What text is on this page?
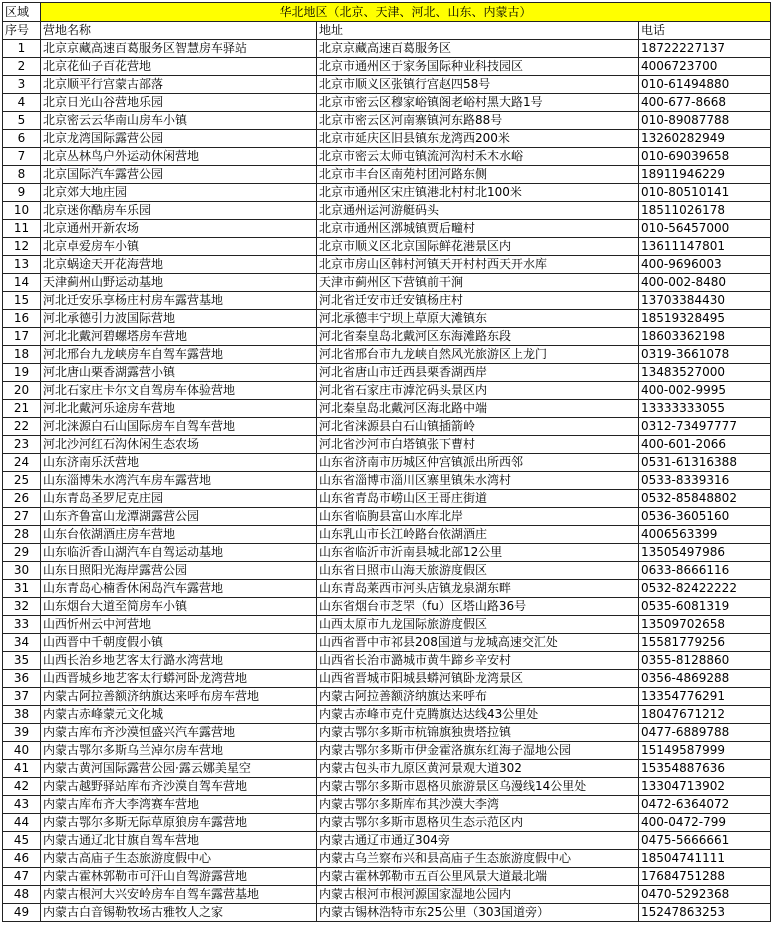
区域	华北地区（北京、天津、河北、山东、内蒙古）		
序号	营地名称	地址	电话
1	北京京藏高速百葛服务区智慧房车驿站	北京京藏高速百葛服务区	18722227137
2	北京花仙子百花营地	北京市通州区于家务国际种业科技园区	4006723700
3	北京顺平行宫蒙古部落	北京市顺义区张镇行宫赵四58号	010-61494880
4	北京日光山谷营地乐园	北京市密云区穆家峪镇阁老峪村黑大路1号	400-677-8668
5	北京密云云华南山房车小镇	北京市密云区河南寨镇河东路88号	010-89087788
6	北京龙湾国际露营公园	北京市延庆区旧县镇东龙湾西200米	13260282949
7	北京丛林鸟户外运动休闲营地	北京市密云太师屯镇流河沟村禾木水峪	010-69039658
8	北京国际汽车露营公园	北京市丰台区南苑村团河路东侧	18911946229
9	北京郊大地庄园	北京市通州区宋庄镇港北村村北100米	010-80510141
10	北京迷你酷房车乐园	北京通州运河游艇码头	18511026178
11	北京通州开新农场	北京市通州区漷城镇贾后疃村	010-56457000
12	北京卓爱房车小镇	北京市顺义区北京国际鲜花港景区内	13611147801
13	北京蜗途天开花海营地	北京市房山区韩村河镇天开村村西天开水库	400-9696003
14	天津蓟州山野运动基地	天津市蓟州区下营镇前干涧	400-002-8480
15	河北迁安乐享杨庄村房车露营基地	河北省迁安市迁安镇杨庄村	13703384430
16	河北承德引力波国际营地	河北承德丰宁坝上草原大滩镇东	18519328495
17	河北北戴河碧螺塔房车营地	河北省秦皇岛北戴河区东海滩路东段	18603362198
18	河北邢台九龙峡房车自驾车露营地	河北省邢台市九龙峡自然风光旅游区上龙门	0319-3661078
19	河北唐山栗香湖露营小镇	河北省唐山市迁西县栗香湖西岸	13483527000
20	河北石家庄卡尔文自驾房车体验营地	河北省石家庄市滹沱码头景区内	400-002-9995
21	河北北戴河乐途房车营地	河北秦皇岛北戴河区海北路中端	13333333055
22	河北涞源白石山国际房车自驾车营地	河北省涞源县白石山镇插箭岭	0312-73497777
23	河北沙河红石沟休闲生态农场	河北省沙河市白塔镇张下曹村	400-601-2066
24	山东济南乐沃营地	山东省济南市历城区仲宫镇派出所西邻	0531-61316388
25	山东淄博朱水湾汽车房车露营地	山东省淄博市淄川区寨里镇朱水湾村	0533-8339316
26	山东青岛圣罗尼克庄园	山东省青岛市崂山区王哥庄街道	0532-85848802
27	山东齐鲁富山龙潭湖露营公园	山东省临朐县富山水库北岸	0536-3605160
28	山东台依湖酒庄房车营地	山东乳山市长江岭路台依湖酒庄	4006563399
29	山东临沂香山湖汽车自驾运动基地	山东省临沂市沂南县城北部12公里	13505497986
30	山东日照阳光海岸露营公园	山东省日照市山海天旅游度假区	0633-8666116
31	山东青岛心楠香休闲岛汽车露营地	山东青岛莱西市河头店镇龙泉湖东畔	0532-82422222
32	山东烟台大道至简房车小镇	山东省烟台市芝罘（fu）区塔山路36号	0535-6081319
33	山西忻州云中河营地	山西太原市九龙国际旅游度假区	13509702658
34	山西晋中千朝度假小镇	山西省晋中市祁县208国道与龙城高速交汇处	15581779256
35	山西长治乡地艺客太行潞水湾营地	山西省长治市潞城市黄牛蹄乡辛安村	0355-8128860
36	山西晋城乡地艺客太行蟒河卧龙湾营地	山西省晋城市阳城县蟒河镇卧龙湾景区	0356-4869288
37	内蒙古阿拉善额济纳旗达来呼布房车营地	内蒙古阿拉善额济纳旗达来呼布	13354776291
38	内蒙古赤峰蒙元文化城	内蒙古赤峰市克什克腾旗达达线43公里处	18047671212
39	内蒙古库布齐沙漠恒盛兴汽车露营地	内蒙古鄂尔多斯市杭锦旗独贵塔拉镇	0477-6889788
40	内蒙古鄂尔多斯乌兰淖尔房车营地	内蒙古鄂尔多斯市伊金霍洛旗东红海子湿地公园	15149587999
41	内蒙古黄河国际露营公园·露云娜美星空	内蒙古包头市九原区黄河景观大道302	15354887636
42	内蒙古越野驿站库布齐沙漠自驾车营地	内蒙古鄂尔多斯市恩格贝旅游景区乌漫线14公里处	13304713902
43	内蒙古库布齐大李湾赛车营地	内蒙古鄂尔多斯库布其沙漠大李湾	0472-6364072
44	内蒙古鄂尔多斯无际草原狼房车露营地	内蒙古鄂尔多斯市恩格贝生态示范区内	400-0472-799
45	内蒙古通辽北甘旗自驾车营地	内蒙古通辽市通辽304旁	0475-5666661
46	内蒙古高庙子生态旅游度假中心	内蒙古乌兰察布兴和县高庙子生态旅游度假中心	18504741111
47	内蒙古霍林郭勒市可汗山自驾游露营地	内蒙古霍林郭勒市五百公里风景大道最北端	17684751288
48	内蒙古根河大兴安岭房车自驾车露营基地	内蒙古根河市根河源国家湿地公园内	0470-5292368
49	内蒙古白音锡勒牧场古雅牧人之家	内蒙古锡林浩特市东25公里（303国道旁）	15247863253
